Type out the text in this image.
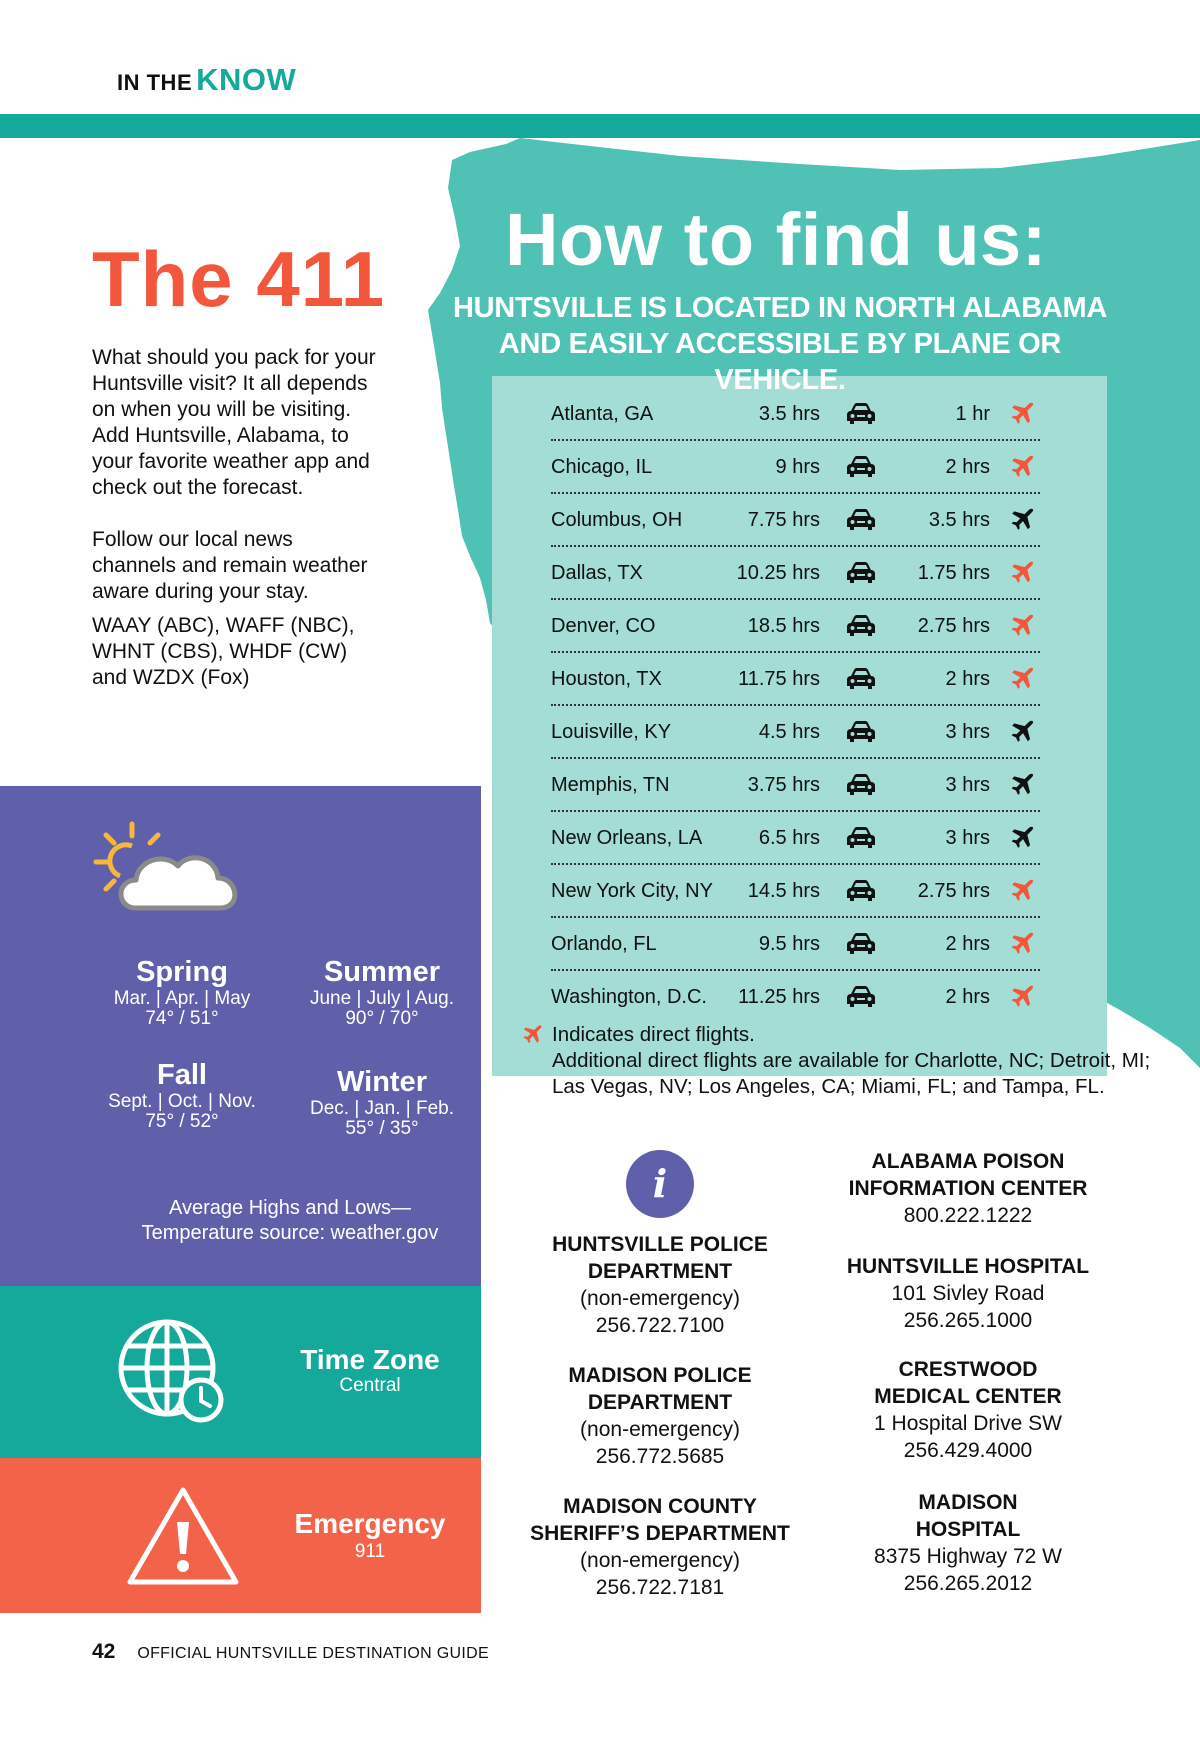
IN THE KNOW
The 411

What should you pack for your Huntsville visit? It all depends on when you will be visiting. Add Huntsville, Alabama, to your favorite weather app and check out the forecast.

Follow our local news channels and remain weather aware during your stay.

WAAY (ABC), WAFF (NBC), WHNT (CBS), WHDF (CW) and WZDX (Fox)

How to find us:
HUNTSVILLE IS LOCATED IN NORTH ALABAMA
AND EASILY ACCESSIBLE BY PLANE OR VEHICLE.
Atlanta, GA	3.5 hrs	1 hr
Chicago, IL	9 hrs	2 hrs
Columbus, OH	7.75 hrs	3.5 hrs
Dallas, TX	10.25 hrs	1.75 hrs
Denver, CO	18.5 hrs	2.75 hrs
Houston, TX	11.75 hrs	2 hrs
Louisville, KY	4.5 hrs	3 hrs
Memphis, TN	3.75 hrs	3 hrs
New Orleans, LA	6.5 hrs	3 hrs
New York City, NY 14.5 hrs	2.75 hrs
Orlando, FL	9.5 hrs	2 hrs
Washington, D.C. 11.25 hrs	2 hrs
Indicates direct flights.
Additional direct flights are available for Charlotte, NC; Detroit, MI; Las Vegas, NV; Los Angeles, CA; Miami, FL; and Tampa, FL.
Spring
Mar. | Apr. | May
74° / 51°
Summer
June | July | Aug.
90° / 70°
Fall
Sept. | Oct. | Nov.
75° / 52°
Winter
Dec. | Jan. | Feb.
55° / 35°
Average Highs and Lows—
Temperature source: weather.gov
Time Zone
Central
Emergency
911
i
HUNTSVILLE POLICE
DEPARTMENT
(non-emergency)
256.722.7100
MADISON POLICE
DEPARTMENT
(non-emergency)
256.772.5685
MADISON COUNTY
SHERIFF’S DEPARTMENT
(non-emergency)
256.722.7181
ALABAMA POISON
INFORMATION CENTER
800.222.1222
HUNTSVILLE HOSPITAL
101 Sivley Road
256.265.1000
CRESTWOOD
MEDICAL CENTER
1 Hospital Drive SW
256.429.4000
MADISON
HOSPITAL
8375 Highway 72 W
256.265.2012
42 OFFICIAL HUNTSVILLE DESTINATION GUIDE
